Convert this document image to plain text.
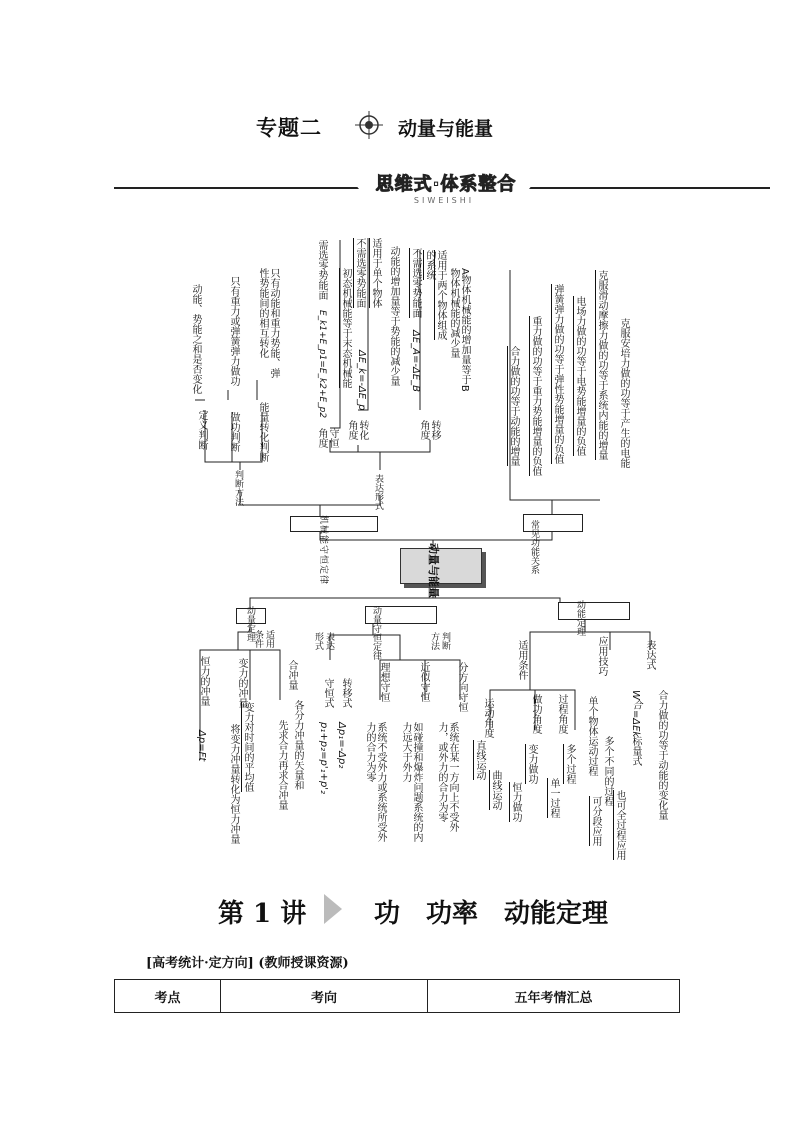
专题二	动量与能量
思维式·体系整合
SIWEISHI
动量与能量
机械能守恒定律
判断方法	表达形式
定义判断
动能、势能之和是否变化
做功判断
只有重力或弹簧弹力做功
能量转化判断
只有动能和重力势能、弹性势能间的相互转化
守恒角度	转化角度	转移角度
E_k1+E_p1=E_k2+E_p2
需选零势能面 初态机械能等于末态机械能 ΔE_k=-ΔE_p
不需选零势能面 适用于单个物体 动能的增加量等于势能的减少量 ΔE_A=-ΔE_B
不需选零势能面	适用于两个物体组成的系统
A物体机械能的增加量等于B物体机械能的减少量
常见功能关系
合力做的功等于动能的增量 重力做的功等于重力势能增量的负值 弹簧弹力做的功等于弹性势能增量的负值 电场力做的功等于电势能增量的负值 克服滑动摩擦力做的功等于系统内能的增量 克服安培力做的功等于产生的电能
动量定理	适用条件
恒力的冲量	变力的冲量	合冲量
Δp=Ft 将变力冲量转化为恒力冲量 变力对时间的平均值 先求合力再求合冲量 各分力冲量的矢量和
动量守恒定律
表达形式	判断方法
守恒式 转移式
p₁+p₂=p'₁+p'₂ Δp₁=-Δp₂
理想守恒	近似守恒	分方向守恒
系统不受外力或系统所受外力的合力为零	如碰撞和爆炸问题系统的内力远大于外力	系统在某一方向上不受外力，或外力的合力为零
动能定理
适用条件	应用技巧	表达式
运动角度	做功角度 过程角度
直线运动
曲线运动 恒力做功
变力做功
单一过程
多个过程 单个物体运动过程 多个不同的过程
可分段应用 也可全过程应用
标量式
W合=ΔEk 合力做的功等于动能的变化量
第 1 讲	功　功率　动能定理
[高考统计·定方向] (教师授课资源)
考点	考向	五年考情汇总
